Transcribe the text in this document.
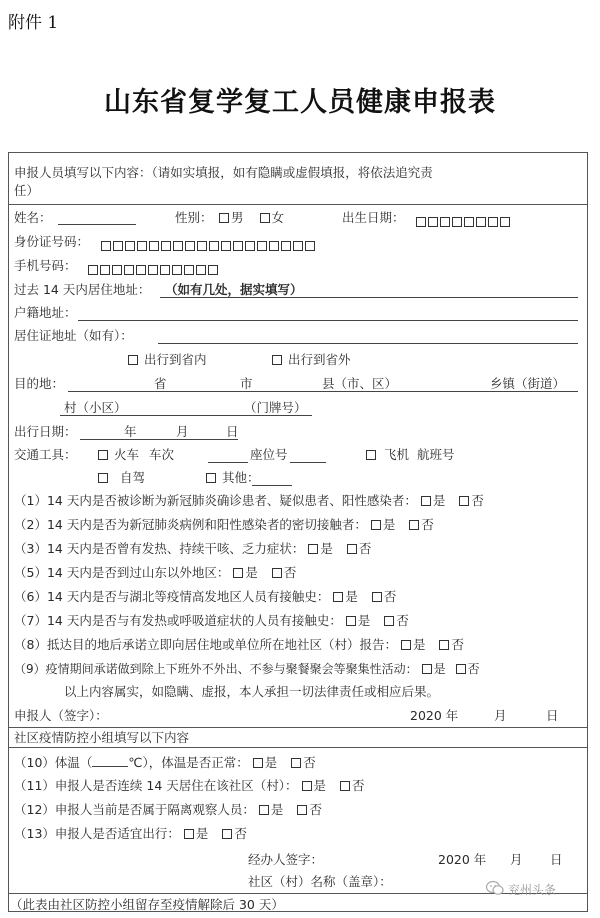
附件 1
山东省复学复工人员健康申报表
申报人员填写以下内容：（请如实填报，如有隐瞒或虚假填报，将依法追究责
任）
姓名：	性别：	男 女	出生日期：
身份证号码：
手机号码：
过去 14 天内居住地址： （如有几处，据实填写）
户籍地址：
居住证地址（如有）：
出行到省内	出行到省外
目的地：	省	市	县（市、区）	乡镇（街道）
村（小区）	（门牌号）
出行日期：	年	月	日
交通工具：	火车 车次	座位号	飞机 航班号
自驾	其他：
（1）14 天内是否被诊断为新冠肺炎确诊患者、疑似患者、阳性感染者： 是 否
（2）14 天内是否为新冠肺炎病例和阳性感染者的密切接触者： 是 否
（3）14 天内是否曾有发热、持续干咳、乏力症状： 是 否
（5）14 天内是否到过山东以外地区： 是 否
（6）14 天内是否与湖北等疫情高发地区人员有接触史： 是 否
（7）14 天内是否与有发热或呼吸道症状的人员有接触史： 是 否
（8）抵达目的地后承诺立即向居住地或单位所在地社区（村）报告： 是 否
（9）疫情期间承诺做到除上下班外不外出、不参与聚餐聚会等聚集性活动： 是 否
以上内容属实，如隐瞒、虚报，本人承担一切法律责任或相应后果。
申报人（签字）：	2020 年	月	日
社区疫情防控小组填写以下内容
（10）体温（	℃），体温是否正常： 是 否
（11）申报人是否连续 14 天居住在该社区（村）： 是 否
（12）申报人当前是否属于隔离观察人员： 是 否
（13）申报人是否适宜出行： 是 否
经办人签字：	2020 年 月 日
社区（村）名称（盖章）：
（此表由社区防控小组留存至疫情解除后 30 天）
兖州头条
